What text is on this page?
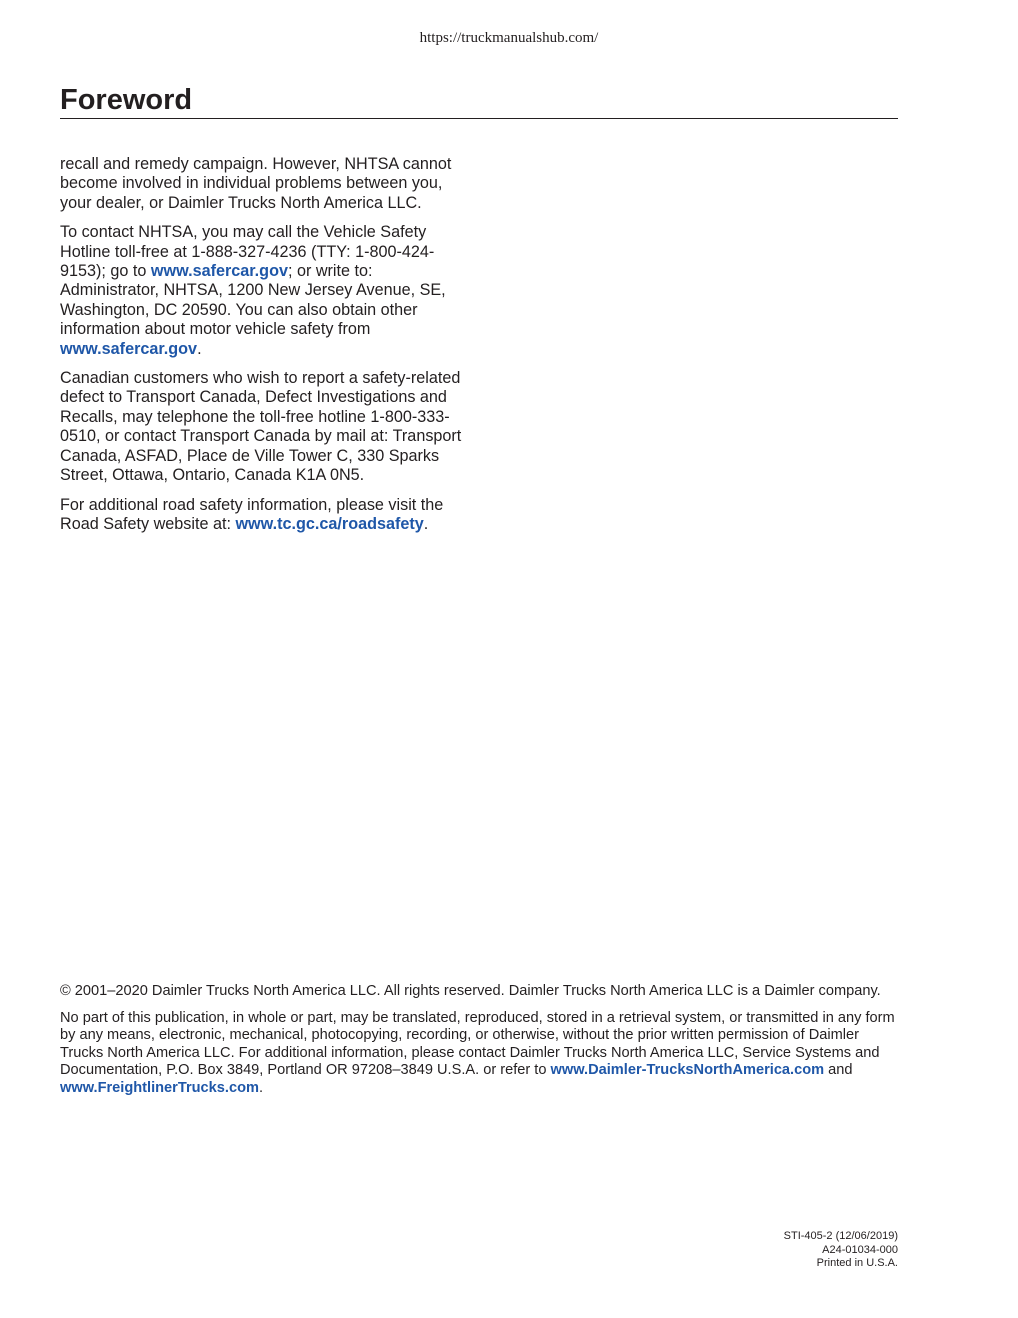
https://truckmanualshub.com/
Foreword

recall and remedy campaign. However, NHTSA cannot become involved in individual problems between you, your dealer, or Daimler Trucks North America LLC.

To contact NHTSA, you may call the Vehicle Safety Hotline toll-free at 1-888-327-4236 (TTY: 1-800-424-9153); go to www.safercar.gov; or write to: Administrator, NHTSA, 1200 New Jersey Avenue, SE, Washington, DC 20590. You can also obtain other information about motor vehicle safety from www.safercar.gov.

Canadian customers who wish to report a safety-related defect to Transport Canada, Defect Investigations and Recalls, may telephone the toll-free hotline 1-800-333-0510, or contact Transport Canada by mail at: Transport Canada, ASFAD, Place de Ville Tower C, 330 Sparks Street, Ottawa, Ontario, Canada K1A 0N5.

For additional road safety information, please visit the Road Safety website at: www.tc.gc.ca/roadsafety.

© 2001–2020 Daimler Trucks North America LLC. All rights reserved. Daimler Trucks North America LLC is a Daimler company.

No part of this publication, in whole or part, may be translated, reproduced, stored in a retrieval system, or transmitted in any form by any means, electronic, mechanical, photocopying, recording, or otherwise, without the prior written permission of Daimler Trucks North America LLC. For additional information, please contact Daimler Trucks North America LLC, Service Systems and Documentation, P.O. Box 3849, Portland OR 97208–3849 U.S.A. or refer to www.Daimler-TrucksNorthAmerica.com and www.FreightlinerTrucks.com.

STI-405-2 (12/06/2019)
A24-01034-000
Printed in U.S.A.
